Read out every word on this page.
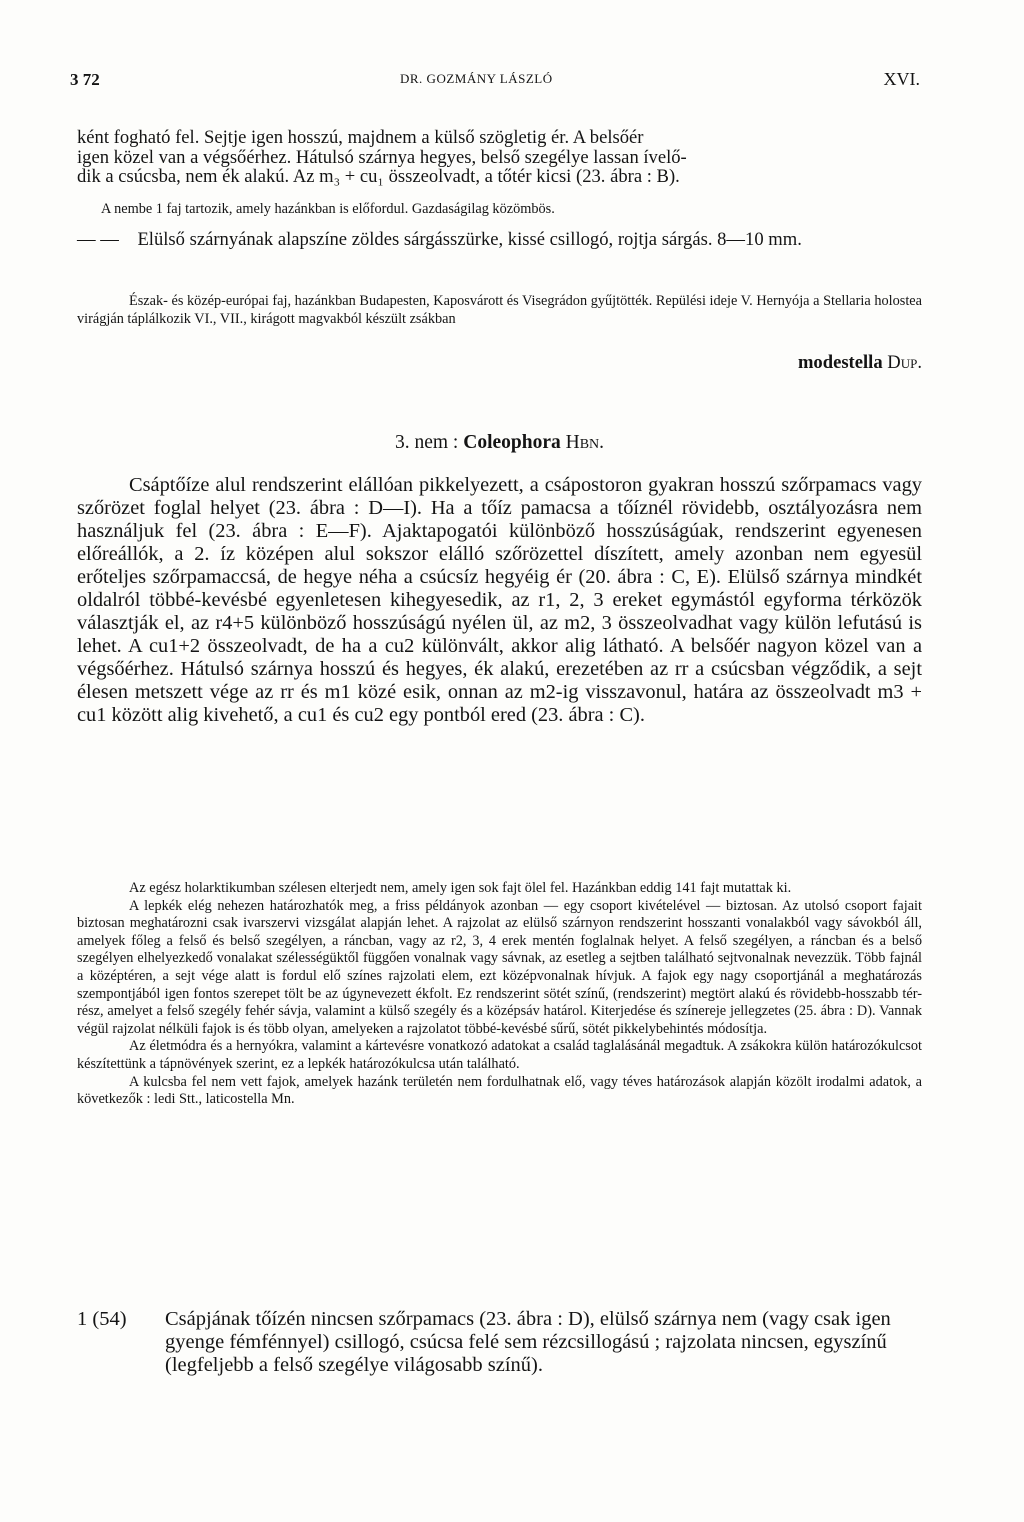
3 72	DR. GOZMÁNY LÁSZLÓ	XVI.
ként fogható fel. Sejtje igen hosszú, majdnem a külső szögletig ér. A belsőér
igen közel van a végsőérhez. Hátulsó szárnya hegyes, belső szegélye lassan ívelő-
dik a csúcsba, nem ék alakú. Az m₃ + cu₁ összeolvadt, a tőtér kicsi (23. ábra : B).

A nembe 1 faj tartozik, amely hazánkban is előfordul. Gazdaságilag közömbös.

— — Elülső szárnyának alapszíne zöldes sárgásszürke, kissé csillogó, rojtja sárgás. 8—10 mm.

Észak- és közép-európai faj, hazánkban Budapesten, Kaposvárott és Visegrádon gyűjtötték. Repülési ideje V. Hernyója a Stellaria holostea virágján táplálkozik VI., VII., kirágott magvakból készült zsákban

modestella Dup.
3. nem : Coleophora Hbn.

Csáptőíze alul rendszerint elállóan pikkelyezett, a csápostoron gyakran hosszú szőrpamacs vagy szőrözet foglal helyet (23. ábra : D—I). Ha a tőíz pamacsa a tőíznél rövidebb, osztályozásra nem használjuk fel (23. ábra : E—F). Ajaktapogatói különböző hosszúságúak, rendszerint egyenesen előreállók, a 2. íz középen alul sokszor elálló szőrözettel díszített, amely azonban nem egyesül erőteljes szőrpamaccsá, de hegye néha a csúcsíz hegyéig ér (20. ábra : C, E). Elülső szárnya mindkét oldalról többé-kevésbé egyenletesen kihegyesedik, az r1, 2, 3 ereket egymástól egyforma térközök választják el, az r4+5 különböző hosszúságú nyélen ül, az m2, 3 összeolvadhat vagy külön lefutású is lehet. A cu1+2 összeolvadt, de ha a cu2 különvált, akkor alig látható. A belsőér nagyon közel van a végsőérhez. Hátulsó szárnya hosszú és hegyes, ék alakú, erezetében az rr a csúcsban végződik, a sejt élesen metszett vége az rr és m1 közé esik, onnan az m2-ig visszavonul, határa az összeolvadt m3 + cu1 között alig kivehető, a cu1 és cu2 egy pontból ered (23. ábra : C).

Az egész holarktikumban szélesen elterjedt nem, amely igen sok fajt ölel fel. Hazánkban eddig 141 fajt mutattak ki.

A lepkék elég nehezen határozhatók meg, a friss példányok azonban — egy csoport kivételével — biztosan. Az utolsó csoport fajait biztosan meghatározni csak ivarszervi vizsgálat alapján lehet. A rajzolat az elülső szárnyon rendszerint hosszanti vonalakból vagy sávokból áll, amelyek főleg a felső és belső szegélyen, a ráncban, vagy az r2, 3, 4 erek mentén foglalnak helyet. A felső szegélyen, a ráncban és a belső szegélyen elhelyezkedő vonalakat szélességüktől függően vonalnak vagy sávnak, az esetleg a sejtben található sejtvonalnak nevezzük. Több fajnál a középtéren, a sejt vége alatt is fordul elő színes rajzolati elem, ezt középvonalnak hívjuk. A fajok egy nagy csoportjánál a meghatározás szempontjából igen fontos szerepet tölt be az úgynevezett ékfolt. Ez rendszerint sötét színű, (rendszerint) megtört alakú és rövidebb-hosszabb tér-rész, amelyet a felső szegély fehér sávja, valamint a külső szegély és a középsáv határol. Kiterjedése és színereje jellegzetes (25. ábra : D). Vannak végül rajzolat nélküli fajok is és több olyan, amelyeken a rajzolatot többé-kevésbé sűrű, sötét pikkelybehintés módosítja.

Az életmódra és a hernyókra, valamint a kártevésre vonatkozó adatokat a család taglalásánál megadtuk. A zsákokra külön határozókulcsot készítettünk a tápnövények szerint, ez a lepkék határozókulcsa után található.

A kulcsba fel nem vett fajok, amelyek hazánk területén nem fordulhatnak elő, vagy téves határozások alapján közölt irodalmi adatok, a következők : ledi Stt., laticostella Mn.

1 (54) Csápjának tőízén nincsen szőrpamacs (23. ábra : D), elülső szárnya nem (vagy csak igen gyenge fémfénnyel) csillogó, csúcsa felé sem rézcsillogású ; rajzolata nincsen, egyszínű (legfeljebb a felső szegélye világosabb színű).
